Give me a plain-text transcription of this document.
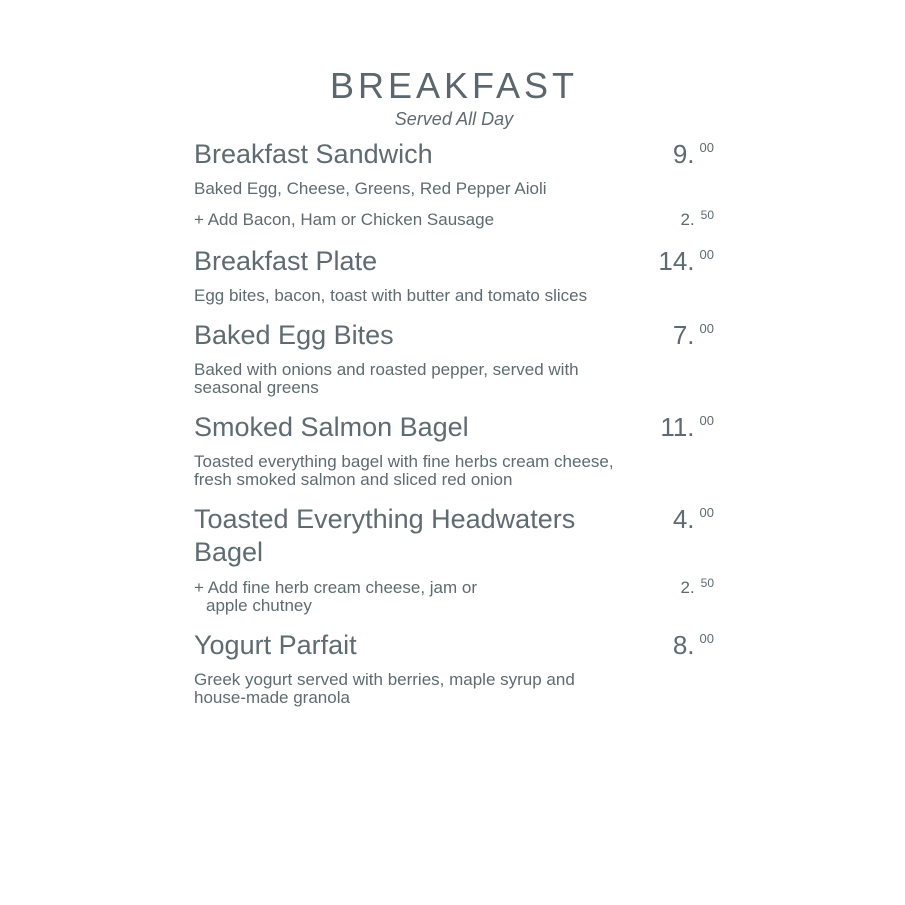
BREAKFAST
Served All Day
Breakfast Sandwich	9. $^{00}$
Baked Egg, Cheese, Greens, Red Pepper Aioli
+ Add Bacon, Ham or Chicken Sausage	2. $^{50}$
Breakfast Plate	14. $^{00}$
Egg bites, bacon, toast with butter and tomato slices
Baked Egg Bites	7. $^{00}$
Baked with onions and roasted pepper, served with seasonal greens
Smoked Salmon Bagel	11. $^{00}$
Toasted everything bagel with fine herbs cream cheese, fresh smoked salmon and sliced red onion
Toasted Everything Headwaters Bagel
4. $^{00}$
+ Add fine herb cream cheese, jam or
apple chutney
2. $^{50}$
Yogurt Parfait	8. $^{00}$
Greek yogurt served with berries, maple syrup and house-made granola
